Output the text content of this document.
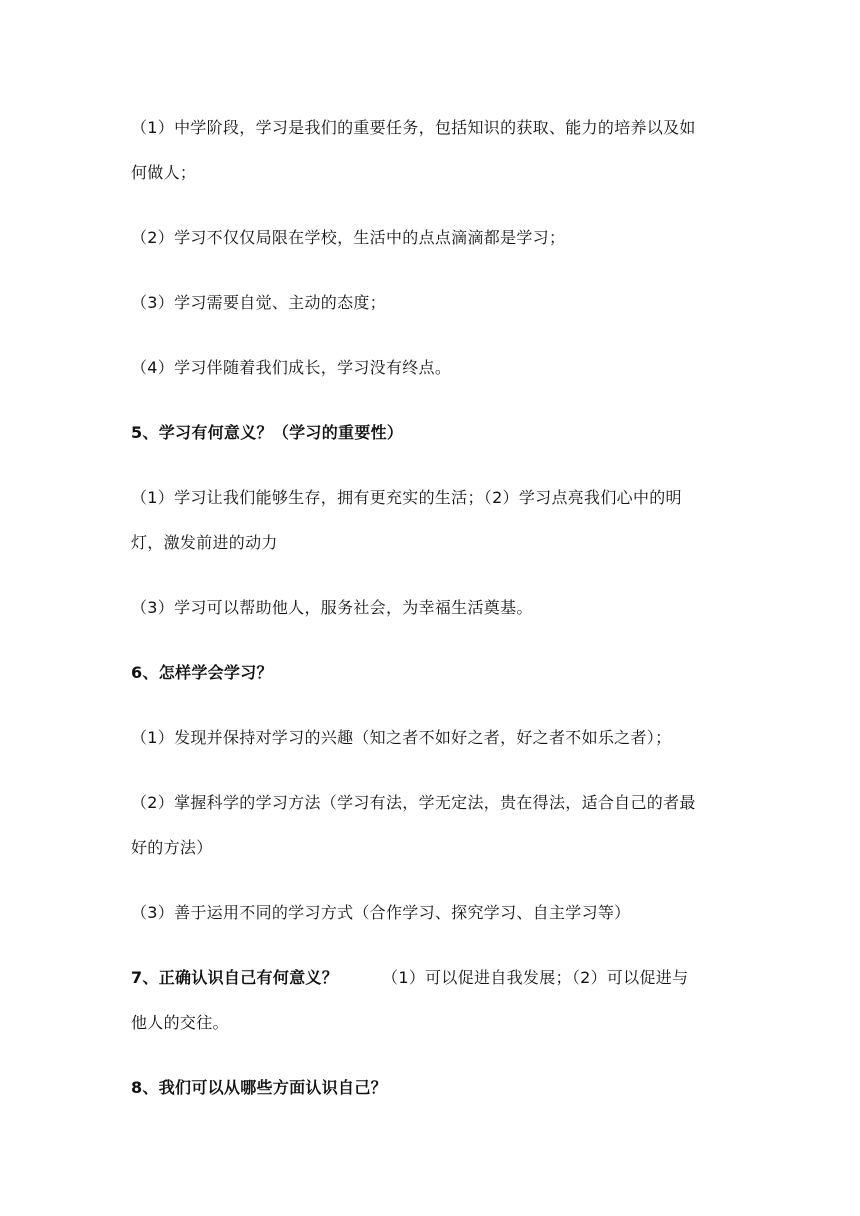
（1）中学阶段，学习是我们的重要任务，包括知识的获取、能力的培养以及如
何做人；
（2）学习不仅仅局限在学校，生活中的点点滴滴都是学习；
（3）学习需要自觉、主动的态度；
（4）学习伴随着我们成长，学习没有终点。
5、学习有何意义？（学习的重要性）
（1）学习让我们能够生存，拥有更充实的生活；（2）学习点亮我们心中的明
灯，激发前进的动力
（3）学习可以帮助他人，服务社会，为幸福生活奠基。
6、怎样学会学习？
（1）发现并保持对学习的兴趣（知之者不如好之者，好之者不如乐之者）；
（2）掌握科学的学习方法（学习有法，学无定法，贵在得法，适合自己的者最
好的方法）
（3）善于运用不同的学习方式（合作学习、探究学习、自主学习等）
7、正确认识自己有何意义？	（1）可以促进自我发展；（2）可以促进与
他人的交往。
8、我们可以从哪些方面认识自己？
